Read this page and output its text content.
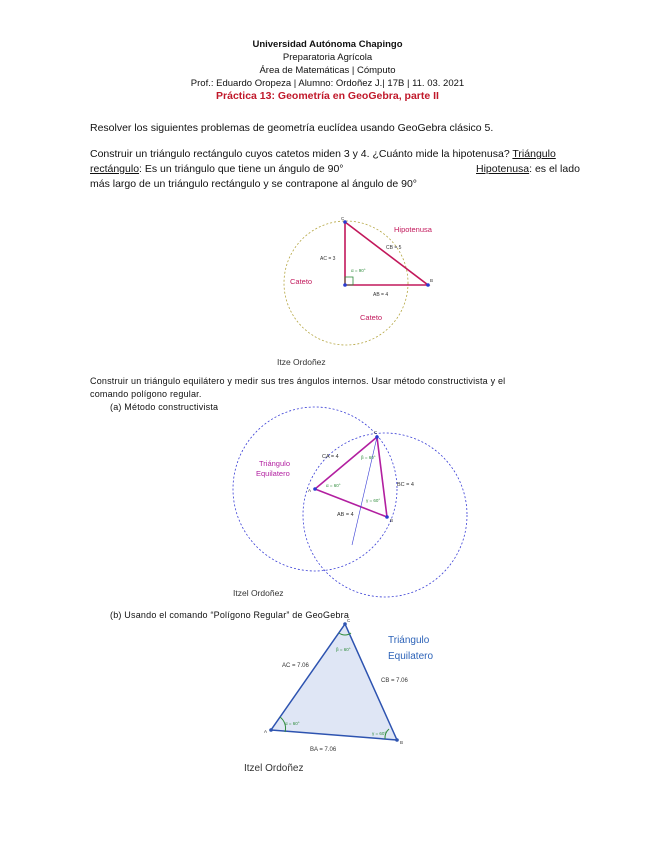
Universidad Autónoma Chapingo
Preparatoria Agrícola
Área de Matemáticas | Cómputo
Prof.: Eduardo Oropeza | Alumno: Ordoñez J.| 17B | 11. 03. 2021
Práctica 13: Geometría en GeoGebra, parte II
Resolver los siguientes problemas de geometría euclídea usando GeoGebra clásico 5.
Construir un triángulo rectángulo cuyos catetos miden 3 y 4. ¿Cuánto mide la hipotenusa? Triángulo
rectángulo: Es un triángulo que tiene un ángulo de 90°	Hipotenusa: es el lado
más largo de un triángulo rectángulo y se contrapone al ángulo de 90°
Hipotenusa
Cateto
Cateto
AC = 3
CB = 5
AB = 4
α = 90°
C
B
Itze Ordoñez
Construir un triángulo equilátero y medir sus tres ángulos internos. Usar método constructivista y el
comando polígono regular.
(a) Método constructivista
Triángulo
Equilatero
CA = 4
BC = 4
AB = 4
β = 60°
α = 60°
γ = 60°
C
A
B
Itzel Ordoñez
(b) Usando el comando “Polígono Regular” de GeoGebra
Triángulo
Equilatero
AC = 7.06
CB = 7.06
BA = 7.06
β = 60°
α = 60°
γ = 60°
C
A
B
Itzel Ordoñez
